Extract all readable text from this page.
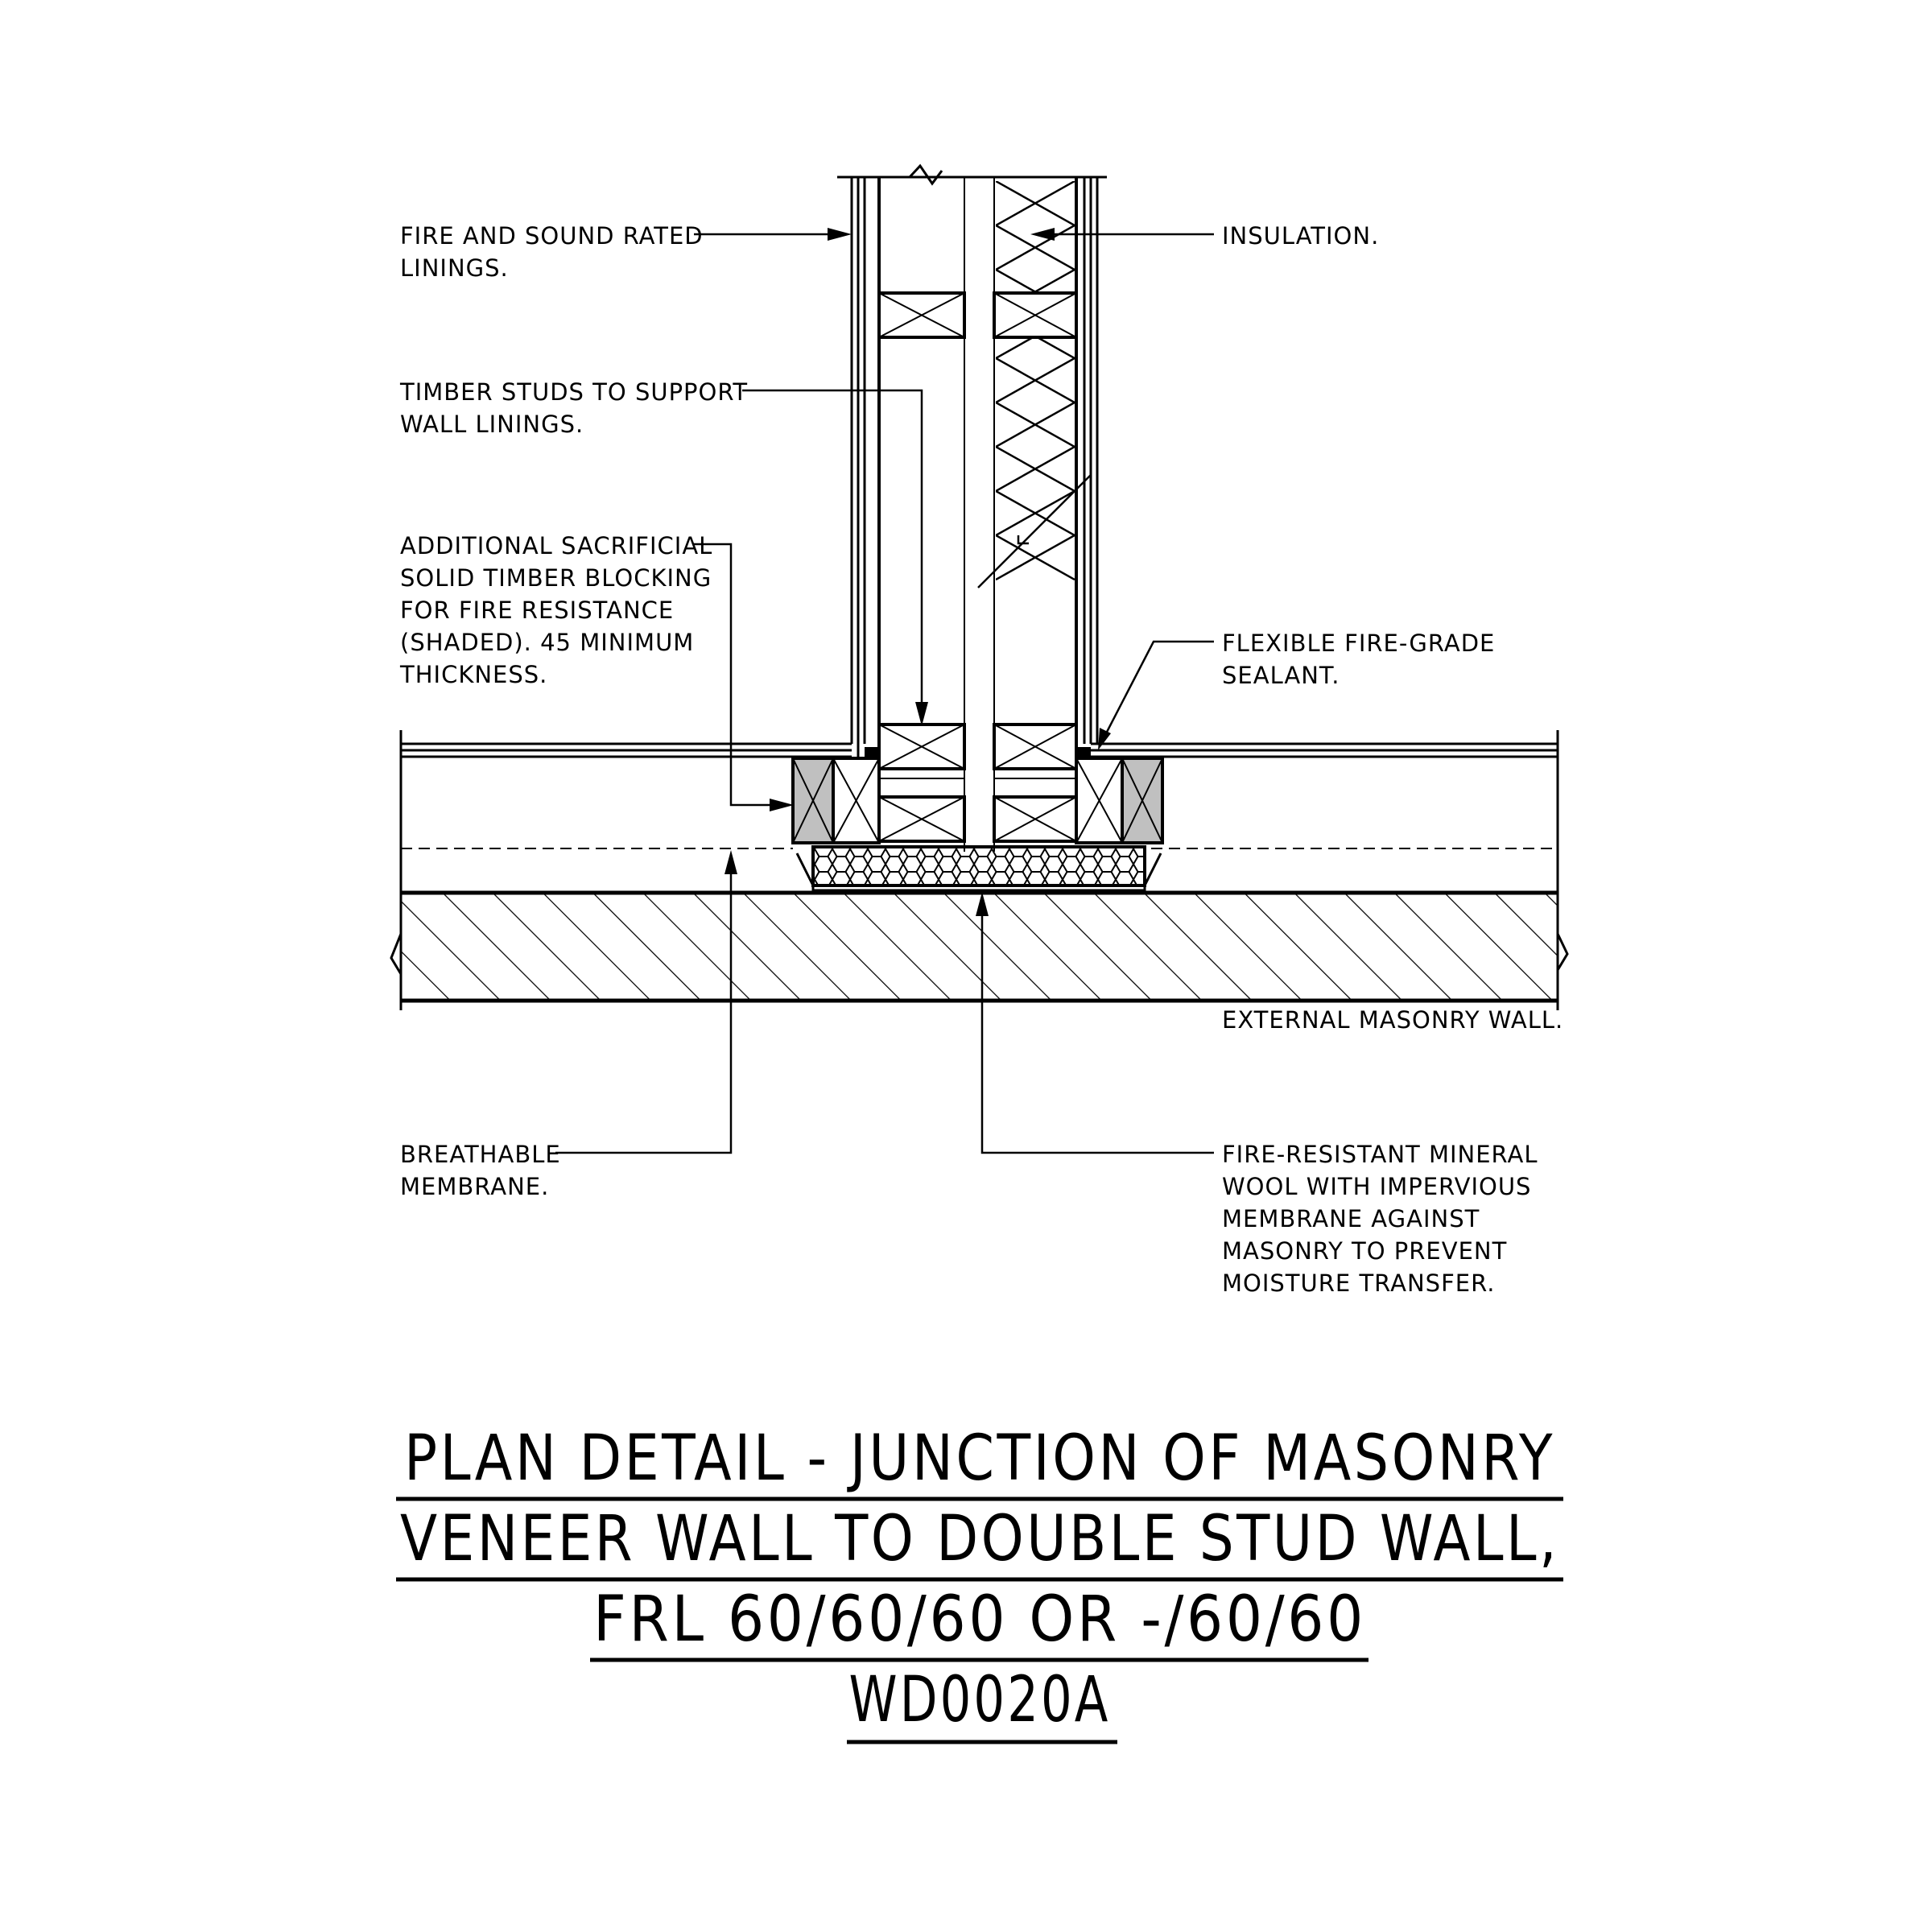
FIRE AND SOUND RATED LININGS.
INSULATION.
TIMBER STUDS TO SUPPORT WALL LININGS.
ADDITIONAL SACRIFICIAL SOLID TIMBER BLOCKING FOR FIRE RESISTANCE (SHADED). 45 MINIMUM THICKNESS.
FLEXIBLE FIRE-GRADE SEALANT.
EXTERNAL MASONRY WALL.
BREATHABLE MEMBRANE.
FIRE-RESISTANT MINERAL WOOL WITH IMPERVIOUS MEMBRANE AGAINST MASONRY TO PREVENT MOISTURE TRANSFER.
PLAN DETAIL - JUNCTION OF MASONRY
VENEER WALL TO DOUBLE STUD WALL,
FRL 60/60/60 OR -/60/60
WD0020A
